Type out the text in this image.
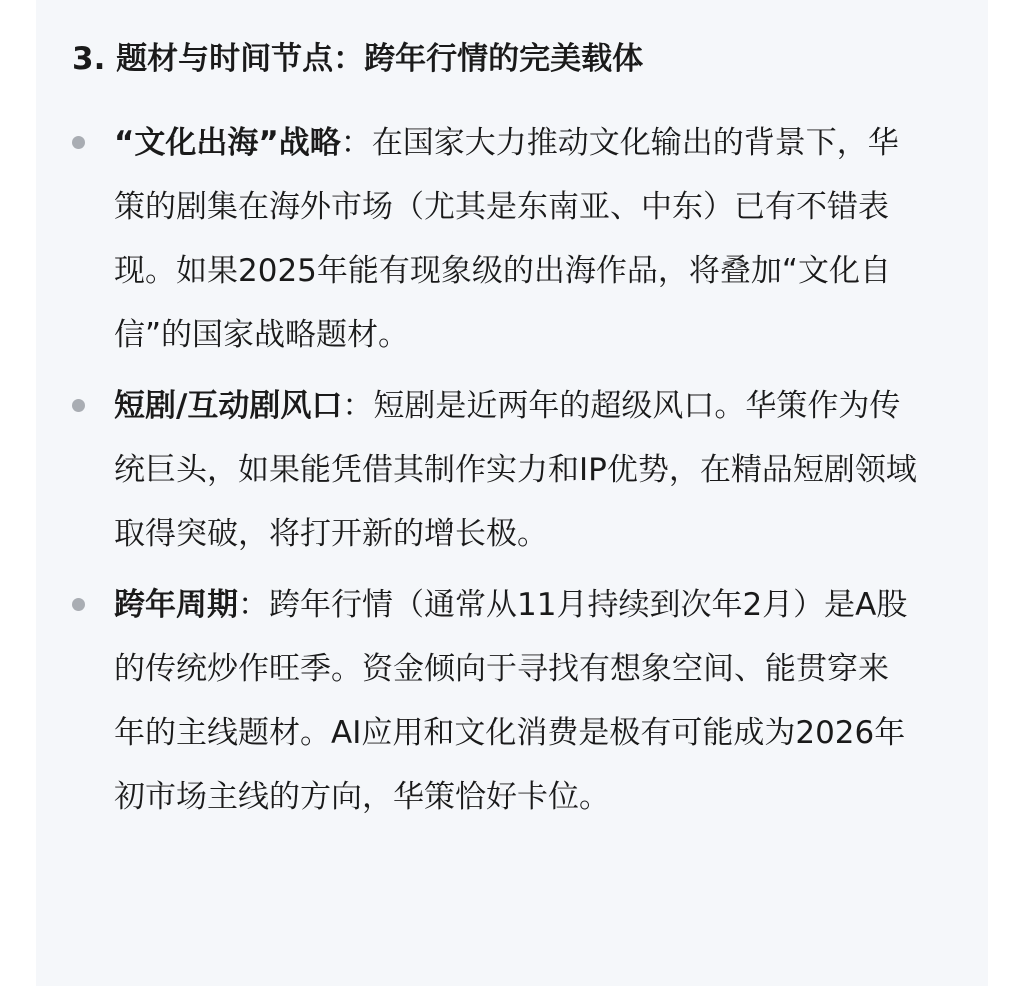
3. 题材与时间节点：跨年行情的完美载体
“文化出海”战略：在国家大力推动文化输出的背景下，华策的剧集在海外市场（尤其是东南亚、中东）已有不错表现。如果2025年能有现象级的出海作品，将叠加“文化自信”的国家战略题材。
短剧/互动剧风口：短剧是近两年的超级风口。华策作为传统巨头，如果能凭借其制作实力和IP优势，在精品短剧领域取得突破，将打开新的增长极。
跨年周期：跨年行情（通常从11月持续到次年2月）是A股的传统炒作旺季。资金倾向于寻找有想象空间、能贯穿来年的主线题材。AI应用和文化消费是极有可能成为2026年初市场主线的方向，华策恰好卡位。
